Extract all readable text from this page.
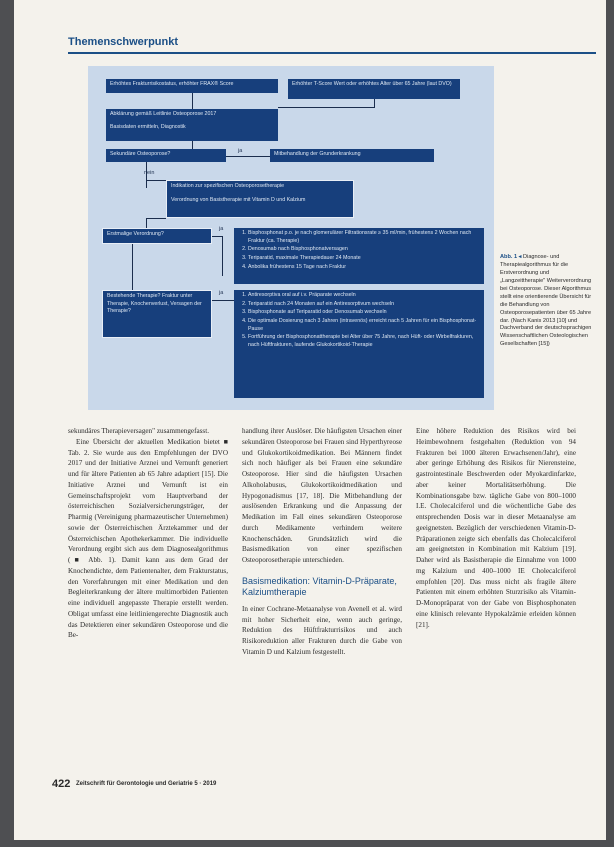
Themenschwerpunkt
Erhöhtes Frakturrisikostatus, erhöhter FRAX® Score	Erhöhter T-Score Wert oder erhöhtes Alter über 65 Jahre (laut DVO)
Abklärung gemäß Leitlinie Osteoporose 2017
Basisdaten ermitteln, Diagnostik
Sekundäre Osteoporose?	ja	Mitbehandlung der Grunderkrankung
nein
Indikation zur spezifischen Osteoporosetherapie
Verordnung von Basistherapie mit Vitamin D und Kalzium
Erstmalige Verordnung?
ja
1. Bisphosphonat p.o. je nach glomerulärer Filtrationsrate ≥ 35 ml/min, frühestens 2 Wochen nach Fraktur (ca. Therapie)
2. Denosumab nach Bisphosphonatversagen
3. Teriparatid, maximale Therapiedauer 24 Monate
4. Anbolika frühestens 15 Tage nach Fraktur
Bestehende Therapie? Fraktur unter Therapie, Knochenverlust, Versagen der Therapie?
ja
1.	Antiresorptiva oral auf i.v. Präparate wechseln
2. Teriparatid nach 24 Monaten auf ein Antiresorptivum wechseln
3. Bisphosphonate auf Teriparatid oder Denosumab wechseln
4. Die optimale Dosierung nach 3 Jahren (intravenös) erreicht nach 5 Jahren für ein Bisphosphonat-Pause
5. Fortführung der Bisphosphonattherapie bei Alter über 75 Jahre, nach Hüft- oder Wirbelfrakturen, nach Hüftfrakturen, laufende Glukokortikoid-Therapie
Abb. 1 ◂ Diagnose- und Therapiealgorithmus für die Erstverordnung und „Langzeittherapie" Weiterverordnung bei Osteoporose. Dieser Algorithmus stellt eine orientierende Übersicht für die Behandlung von Osteoporosepatienten über 65 Jahre dar. (Nach Kanis 2013 [10] und Dachverband der deutschsprachigen Wissenschaftlichen Osteologischen Gesellschaften [15])

sekundäres Therapieversagen" zusammengefasst.

Eine Übersicht der aktuellen Medikation bietet ■ Tab. 2. Sie wurde aus den Empfehlungen der DVO 2017 und der Initiative Arznei und Vernunft generiert und für ältere Patienten ab 65 Jahre adaptiert [15]. Die Initiative Arznei und Vernunft ist ein Gemeinschaftsprojekt vom Hauptverband der österreichischen Sozialversicherungsträger, der Pharmig (Vereinigung pharmazeutischer Unternehmen) sowie der Österreichischen Ärztekammer und der Österreichischen Apothekerkammer. Die individuelle Verordnung ergibt sich aus dem Diagnosealgorithmus (■ Abb. 1). Damit kann aus dem Grad der Knochendichte, dem Patientenalter, dem Frakturstatus, den Vorerfahrungen mit einer Medikation und den Begleiterkrankung der ältere multimorbiden Patienten eine individuell angepasste Therapie erstellt werden. Obligat umfasst eine leitliniengerechte Diagnostik auch das Detektieren einer sekundären Osteoporose und die Be-

handlung ihrer Auslöser. Die häufigsten Ursachen einer sekundären Osteoporose bei Frauen sind Hyperthyreose und Glukokortikoidmedikation. Bei Männern findet sich noch häufiger als bei Frauen eine sekundäre Osteoporose. Hier sind die häufigsten Ursachen Alkoholabusus, Glukokortikoidmedikation und Hypogonadismus [17, 18]. Die Mitbehandlung der auslösenden Erkrankung und die Anpassung der Medikation im Fall eines sekundären Osteoporose durch Medikamente verhindern weitere Knochenschäden. Grundsätzlich wird die Basismedikation von einer spezifischen Osteoporosetherapie unterschieden.

Basismedikation: Vitamin-D-Präparate, Kalziumtherapie

In einer Cochrane-Metaanalyse von Avenell et al. wird mit hoher Sicherheit eine, wenn auch geringe, Reduktion des Hüftfrakturrisikos und auch Risikoreduktion aller Frakturen durch die Gabe von Vitamin D und Kalzium festgestellt.

Eine höhere Reduktion des Risikos wird bei Heimbewohnern festgehalten (Reduktion von 94 Frakturen bei 1000 älteren Erwachsenen/Jahr), eine aber geringe Erhöhung des Risikos für Nierensteine, gastrointestinale Beschwerden oder Myokardinfarkte, aber keiner Mortalitätserhöhung. Die Kombinationsgabe bzw. tägliche Gabe von 800–1000 I.E. Cholecalciferol und die wöchentliche Gabe des entsprechenden Dosis war in dieser Metaanalyse am geeignetsten. Bezüglich der verschiedenen Vitamin-D-Präparationen zeigte sich ebenfalls das Cholecalciferol am geeignetsten in Kombination mit Kalzium [19]. Daher wird als Basistherapie die Einnahme von 1000 mg Kalzium und 400–1000 IE Cholecalciferol empfohlen [20]. Das muss nicht als fragile ältere Patienten mit einem erhöhten Sturzrisiko als Vitamin-D-Monopräparat von der Gabe von Bisphosphonaten eine klinisch relevante Hypokalzämie erleiden können [21].

422 Zeitschrift für Gerontologie und Geriatrie 5 · 2019
